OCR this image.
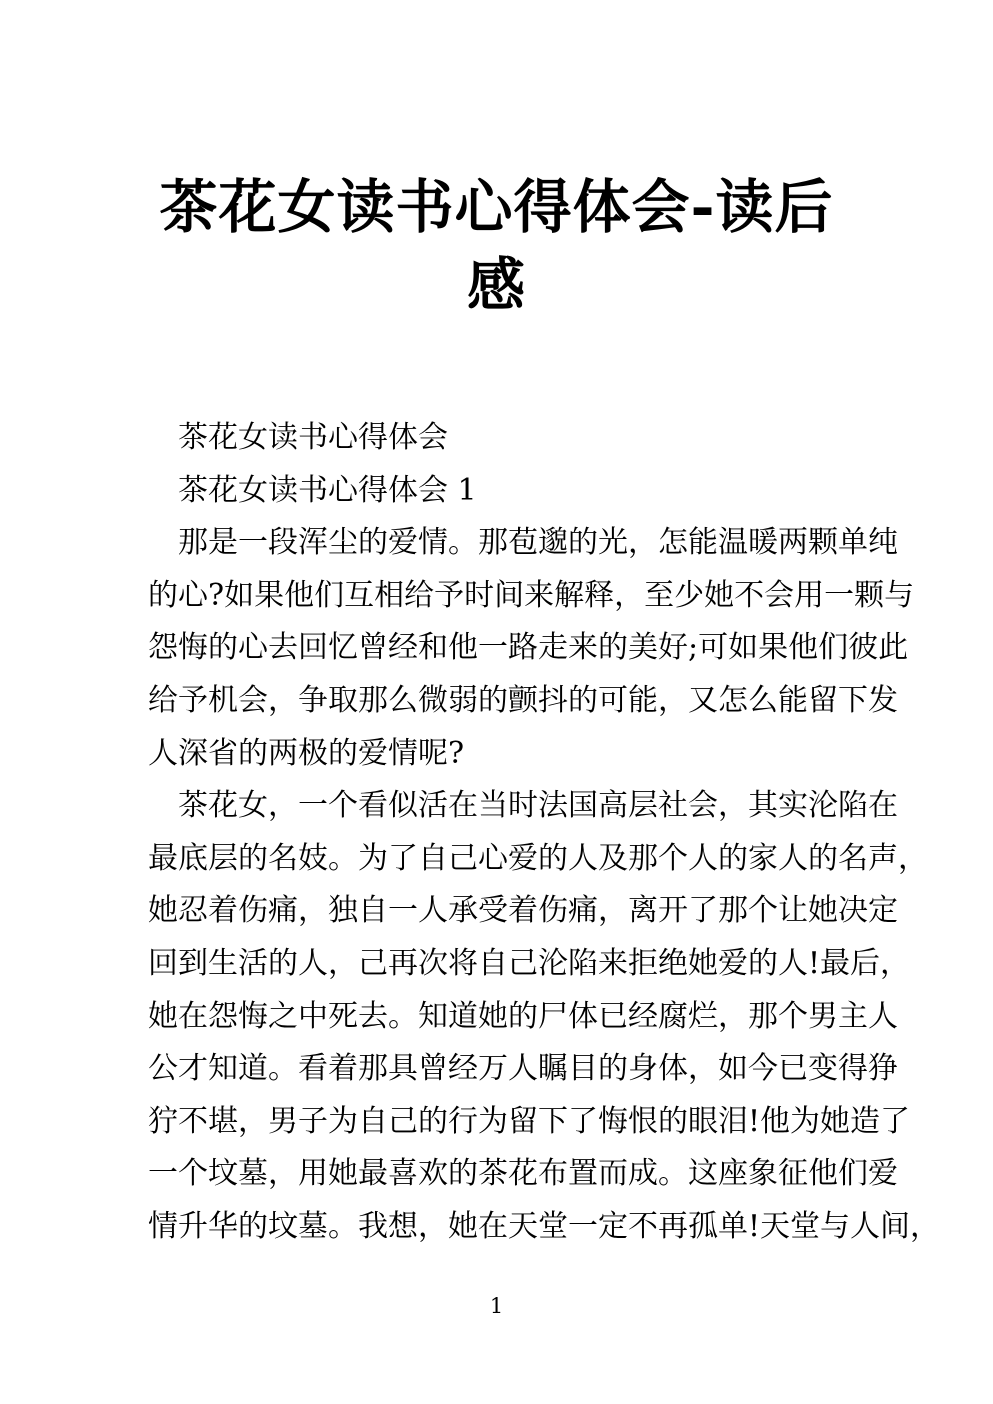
茶花女读书心得体会-读后
感
茶花女读书心得体会
茶花女读书心得体会 1
那是一段浑尘的爱情。那苞邈的光，怎能温暖两颗单纯
的心?如果他们互相给予时间来解释，至少她不会用一颗与
怨悔的心去回忆曾经和他一路走来的美好;可如果他们彼此
给予机会，争取那么微弱的颤抖的可能，又怎么能留下发
人深省的两极的爱情呢?
茶花女，一个看似活在当时法国高层社会，其实沦陷在
最底层的名妓。为了自己心爱的人及那个人的家人的名声，
她忍着伤痛，独自一人承受着伤痛，离开了那个让她决定
回到生活的人，己再次将自己沦陷来拒绝她爱的人!最后，
她在怨悔之中死去。知道她的尸体已经腐烂，那个男主人
公才知道。看着那具曾经万人瞩目的身体，如今已变得狰
狞不堪，男子为自己的行为留下了悔恨的眼泪!他为她造了
一个坟墓，用她最喜欢的茶花布置而成。这座象征他们爱
情升华的坟墓。我想，她在天堂一定不再孤单!天堂与人间，
1
